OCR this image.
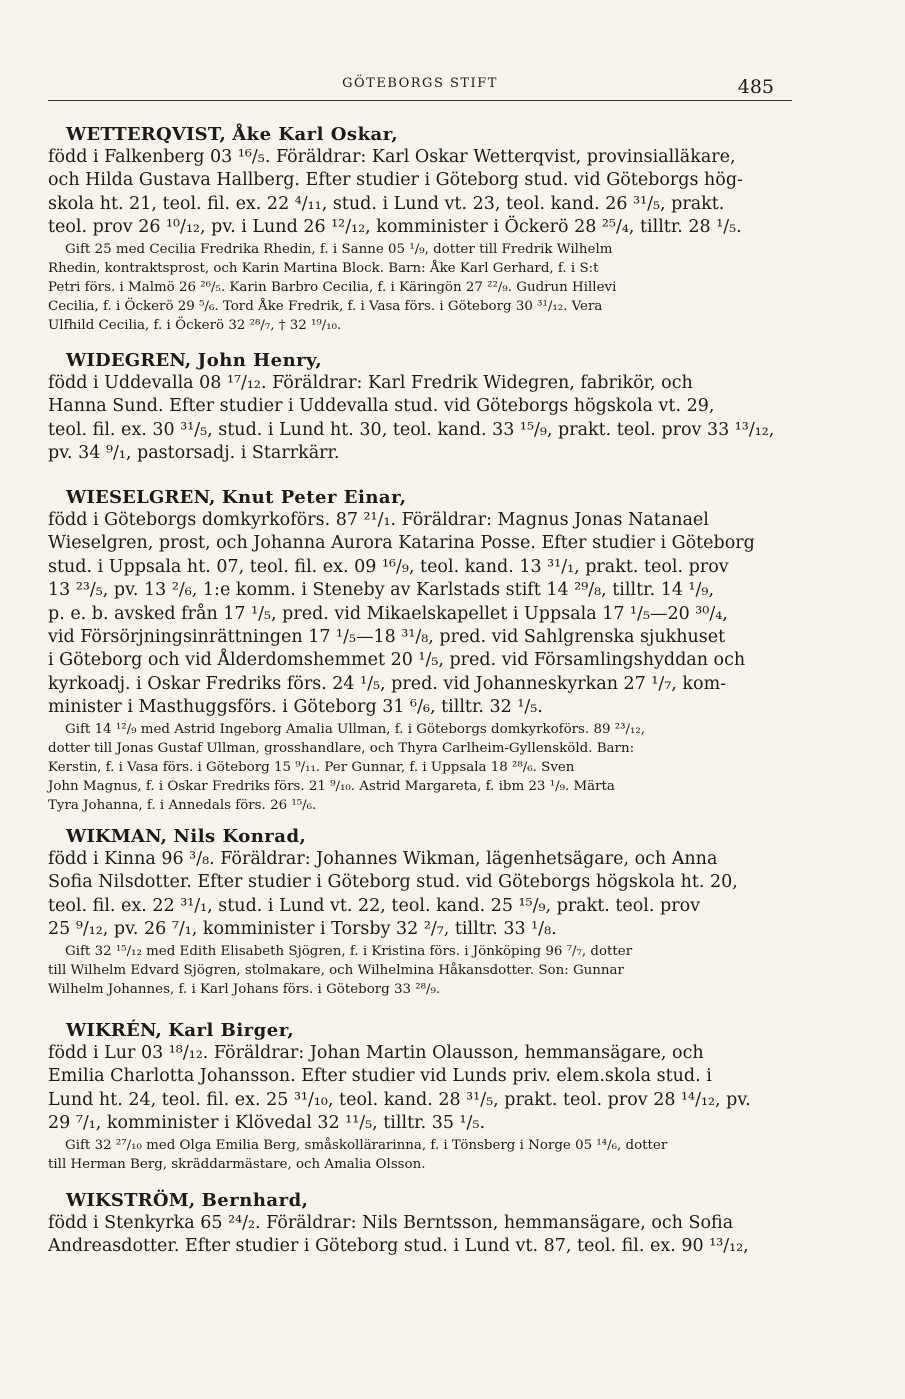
GÖTEBORGS STIFT	485
WETTERQVIST, Åke Karl Oskar,
född i Falkenberg 03 ¹⁶/₅. Föräldrar: Karl Oskar Wetterqvist, provinsialläkare,
och Hilda Gustava Hallberg. Efter studier i Göteborg stud. vid Göteborgs hög-
skola ht. 21, teol. fil. ex. 22 ⁴/₁₁, stud. i Lund vt. 23, teol. kand. 26 ³¹/₅, prakt.
teol. prov 26 ¹⁰/₁₂, pv. i Lund 26 ¹²/₁₂, komminister i Öckerö 28 ²⁵/₄, tilltr. 28 ¹/₅.
Gift 25 med Cecilia Fredrika Rhedin, f. i Sanne 05 ¹/₉, dotter till Fredrik Wilhelm
Rhedin, kontraktsprost, och Karin Martina Block. Barn: Åke Karl Gerhard, f. i S:t
Petri förs. i Malmö 26 ²⁶/₅. Karin Barbro Cecilia, f. i Käringön 27 ²²/₉. Gudrun Hillevi
Cecilia, f. i Öckerö 29 ⁵/₆. Tord Åke Fredrik, f. i Vasa förs. i Göteborg 30 ³¹/₁₂. Vera
Ulfhild Cecilia, f. i Öckerö 32 ²⁸/₇, † 32 ¹⁹/₁₀.
WIDEGREN, John Henry,
född i Uddevalla 08 ¹⁷/₁₂. Föräldrar: Karl Fredrik Widegren, fabrikör, och
Hanna Sund. Efter studier i Uddevalla stud. vid Göteborgs högskola vt. 29,
teol. fil. ex. 30 ³¹/₅, stud. i Lund ht. 30, teol. kand. 33 ¹⁵/₉, prakt. teol. prov 33 ¹³/₁₂,
pv. 34 ⁹/₁, pastorsadj. i Starrkärr.
WIESELGREN, Knut Peter Einar,
född i Göteborgs domkyrkoförs. 87 ²¹/₁. Föräldrar: Magnus Jonas Natanael
Wieselgren, prost, och Johanna Aurora Katarina Posse. Efter studier i Göteborg
stud. i Uppsala ht. 07, teol. fil. ex. 09 ¹⁶/₉, teol. kand. 13 ³¹/₁, prakt. teol. prov
13 ²³/₅, pv. 13 ²/₆, 1:e komm. i Steneby av Karlstads stift 14 ²⁹/₈, tilltr. 14 ¹/₉,
p. e. b. avsked från 17 ¹/₅, pred. vid Mikaelskapellet i Uppsala 17 ¹/₅—20 ³⁰/₄,
vid Försörjningsinrättningen 17 ¹/₅—18 ³¹/₈, pred. vid Sahlgrenska sjukhuset
i Göteborg och vid Ålderdomshemmet 20 ¹/₅, pred. vid Församlingshyddan och
kyrkoadj. i Oskar Fredriks förs. 24 ¹/₅, pred. vid Johanneskyrkan 27 ¹/₇, kom-
minister i Masthuggsförs. i Göteborg 31 ⁶/₆, tilltr. 32 ¹/₅.
Gift 14 ¹²/₉ med Astrid Ingeborg Amalia Ullman, f. i Göteborgs domkyrkoförs. 89 ²³/₁₂,
dotter till Jonas Gustaf Ullman, grosshandlare, och Thyra Carlheim-Gyllensköld. Barn:
Kerstin, f. i Vasa förs. i Göteborg 15 ⁹/₁₁. Per Gunnar, f. i Uppsala 18 ²⁸/₆. Sven
John Magnus, f. i Oskar Fredriks förs. 21 ⁹/₁₀. Astrid Margareta, f. ibm 23 ¹/₉. Märta
Tyra Johanna, f. i Annedals förs. 26 ¹⁵/₆.
WIKMAN, Nils Konrad,
född i Kinna 96 ³/₈. Föräldrar: Johannes Wikman, lägenhetsägare, och Anna
Sofia Nilsdotter. Efter studier i Göteborg stud. vid Göteborgs högskola ht. 20,
teol. fil. ex. 22 ³¹/₁, stud. i Lund vt. 22, teol. kand. 25 ¹⁵/₉, prakt. teol. prov
25 ⁹/₁₂, pv. 26 ⁷/₁, komminister i Torsby 32 ²/₇, tilltr. 33 ¹/₈.
Gift 32 ¹⁵/₁₂ med Edith Elisabeth Sjögren, f. i Kristina förs. i Jönköping 96 ⁷/₇, dotter
till Wilhelm Edvard Sjögren, stolmakare, och Wilhelmina Håkansdotter. Son: Gunnar
Wilhelm Johannes, f. i Karl Johans förs. i Göteborg 33 ²⁸/₉.
WIKRÉN, Karl Birger,
född i Lur 03 ¹⁸/₁₂. Föräldrar: Johan Martin Olausson, hemmansägare, och
Emilia Charlotta Johansson. Efter studier vid Lunds priv. elem.skola stud. i
Lund ht. 24, teol. fil. ex. 25 ³¹/₁₀, teol. kand. 28 ³¹/₅, prakt. teol. prov 28 ¹⁴/₁₂, pv.
29 ⁷/₁, komminister i Klövedal 32 ¹¹/₅, tilltr. 35 ¹/₅.
Gift 32 ²⁷/₁₀ med Olga Emilia Berg, småskollärarinna, f. i Tönsberg i Norge 05 ¹⁴/₆, dotter
till Herman Berg, skräddarmästare, och Amalia Olsson.
WIKSTRÖM, Bernhard,
född i Stenkyrka 65 ²⁴/₂. Föräldrar: Nils Berntsson, hemmansägare, och Sofia
Andreasdotter. Efter studier i Göteborg stud. i Lund vt. 87, teol. fil. ex. 90 ¹³/₁₂,
